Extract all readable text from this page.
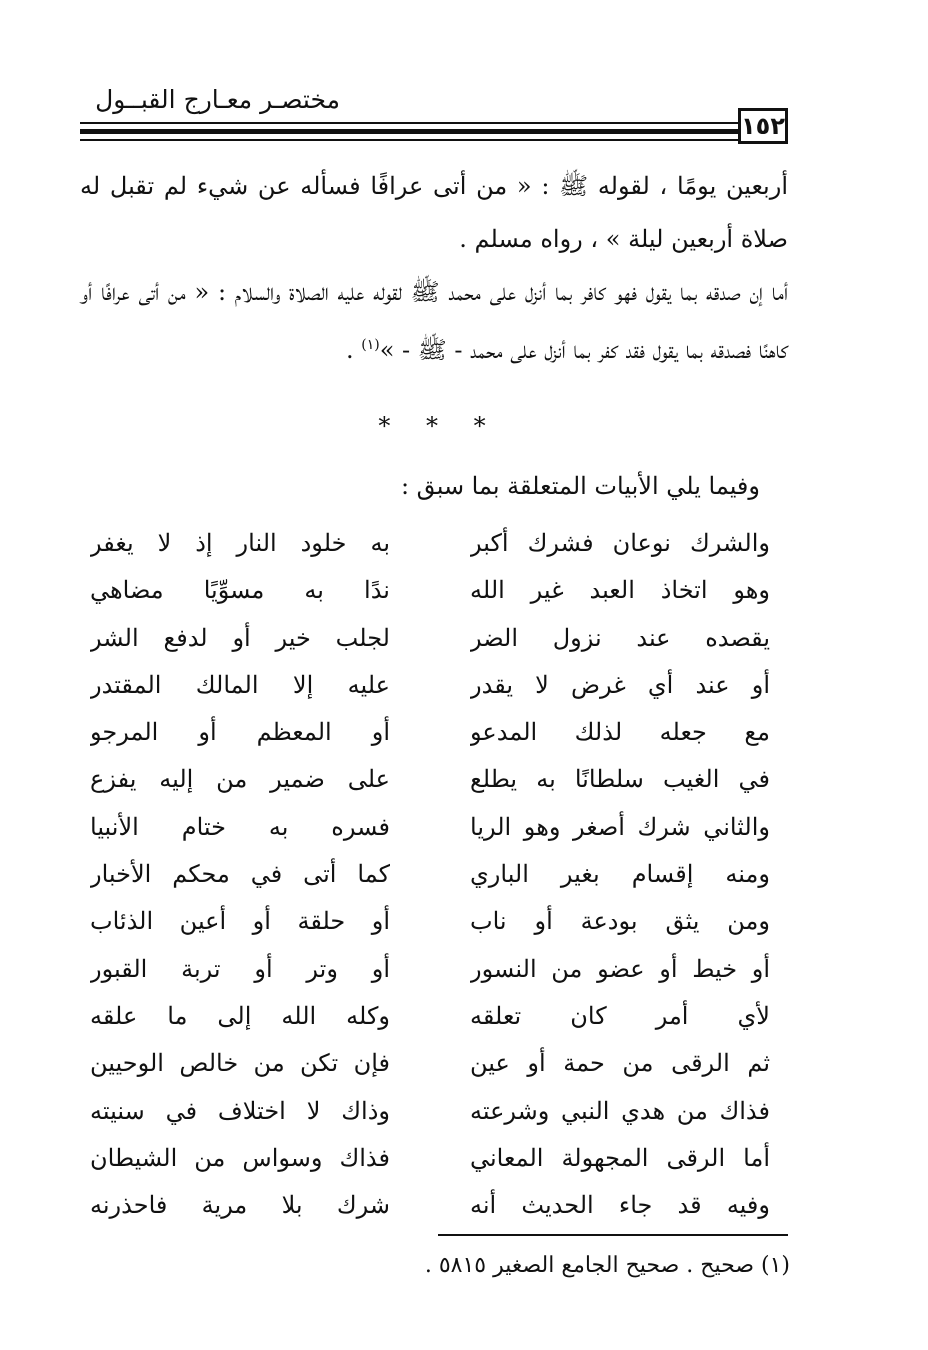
مختصـر معـارج القبــول
١٥٢
أربعين يومًا ، لقوله ﷺ : « من أتى عرافًا فسأله عن شيء لم تقبل له صلاة أربعين ليلة » ، رواه مسلم .
أما إن صدقه بما يقول فهو كافر بما أنزل على محمد ﷺ لقوله عليه الصلاة والسلام : « من أتى عرافًا أو كاهنًا فصدقه بما يقول فقد كفر بما أنزل على محمد - ﷺ - »$^{(١)}$ .
* * *
وفيما يلي الأبيات المتعلقة بما سبق :
والشرك نوعان فشرك أكبر
به خلود النار إذ لا يغفر
وهو اتخاذ العبد غير الله
ندًا به مسوِّيًا مضاهي
يقصده عند نزول الضر
لجلب خير أو لدفع الشر
أو عند أي غرض لا يقدر
عليه إلا المالك المقتدر
مع جعله لذلك المدعو
أو المعظم أو المرجو
في الغيب سلطانًا به يطلع
على ضمير من إليه يفزع
والثاني شرك أصغر وهو الريا
فسره به ختام الأنبيا
ومنه إقسام بغير الباري
كما أتى في محكم الأخبار
ومن يثق بودعة أو ناب
أو حلقة أو أعين الذئاب
أو خيط أو عضو من النسور
أو وتر أو تربة القبور
لأي أمر كان تعلقه
وكله الله إلى ما علقه
ثم الرقى من حمة أو عين
فإن تكن من خالص الوحيين
فذاك من هدي النبي وشرعته
وذاك لا اختلاف في سنيته
أما الرقى المجهولة المعاني
فذاك وسواس من الشيطان
وفيه قد جاء الحديث أنه
شرك بلا مرية فاحذرنه
(١) صحيح . صحيح الجامع الصغير ٥٨١٥ .
